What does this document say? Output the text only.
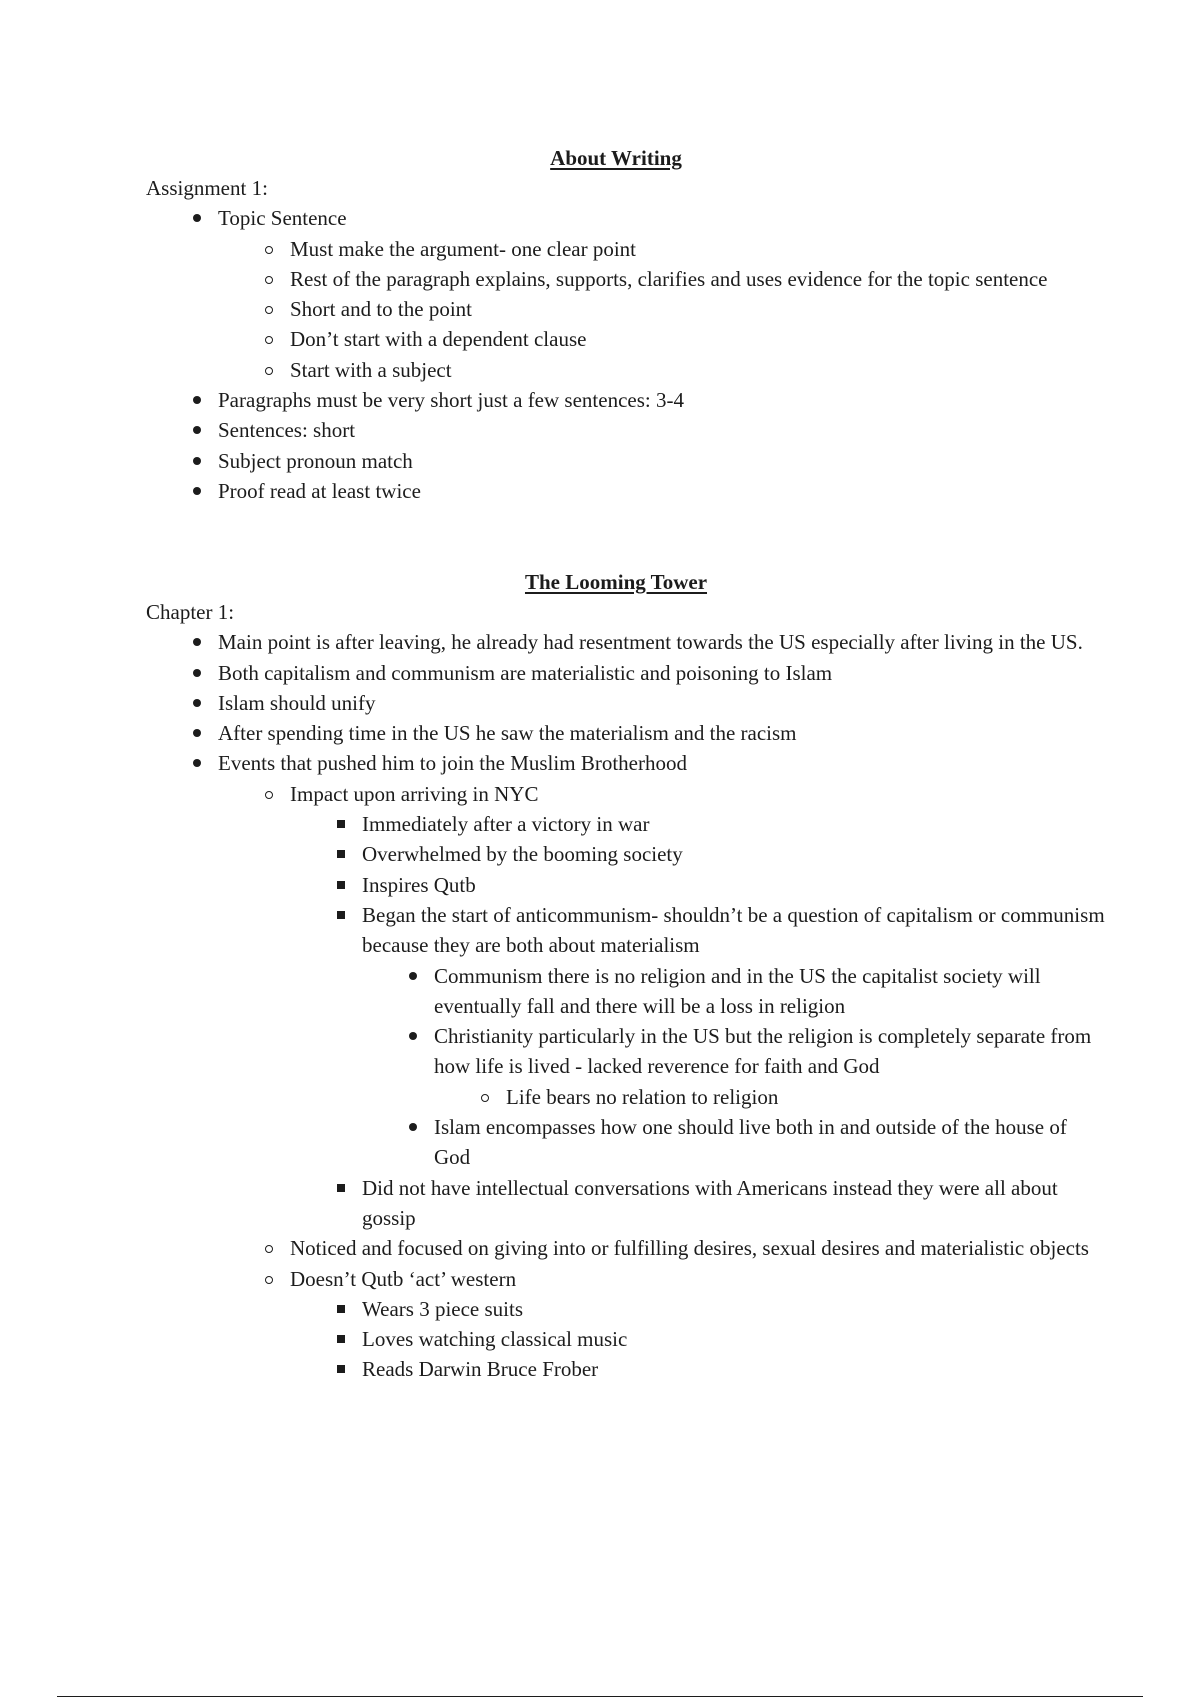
About Writing

Assignment 1:

Topic Sentence
Must make the argument- one clear point
Rest of the paragraph explains, supports, clarifies and uses evidence for the topic sentence
Short and to the point
Don’t start with a dependent clause
Start with a subject
Paragraphs must be very short just a few sentences: 3-4
Sentences: short
Subject pronoun match
Proof read at least twice
The Looming Tower

Chapter 1:

Main point is after leaving, he already had resentment towards the US especially after living in the US.
Both capitalism and communism are materialistic and poisoning to Islam
Islam should unify
After spending time in the US he saw the materialism and the racism
Events that pushed him to join the Muslim Brotherhood
Impact upon arriving in NYC
Immediately after a victory in war
Overwhelmed by the booming society
Inspires Qutb
Began the start of anticommunism- shouldn’t be a question of capitalism or communism because they are both about materialism
Communism there is no religion and in the US the capitalist society will eventually fall and there will be a loss in religion
Christianity particularly in the US but the religion is completely separate from how life is lived - lacked reverence for faith and God
Life bears no relation to religion
Islam encompasses how one should live both in and outside of the house of God
Did not have intellectual conversations with Americans instead they were all about gossip
Noticed and focused on giving into or fulfilling desires, sexual desires and materialistic objects
Doesn’t Qutb ‘act’ western
Wears 3 piece suits
Loves watching classical music
Reads Darwin Bruce Frober
